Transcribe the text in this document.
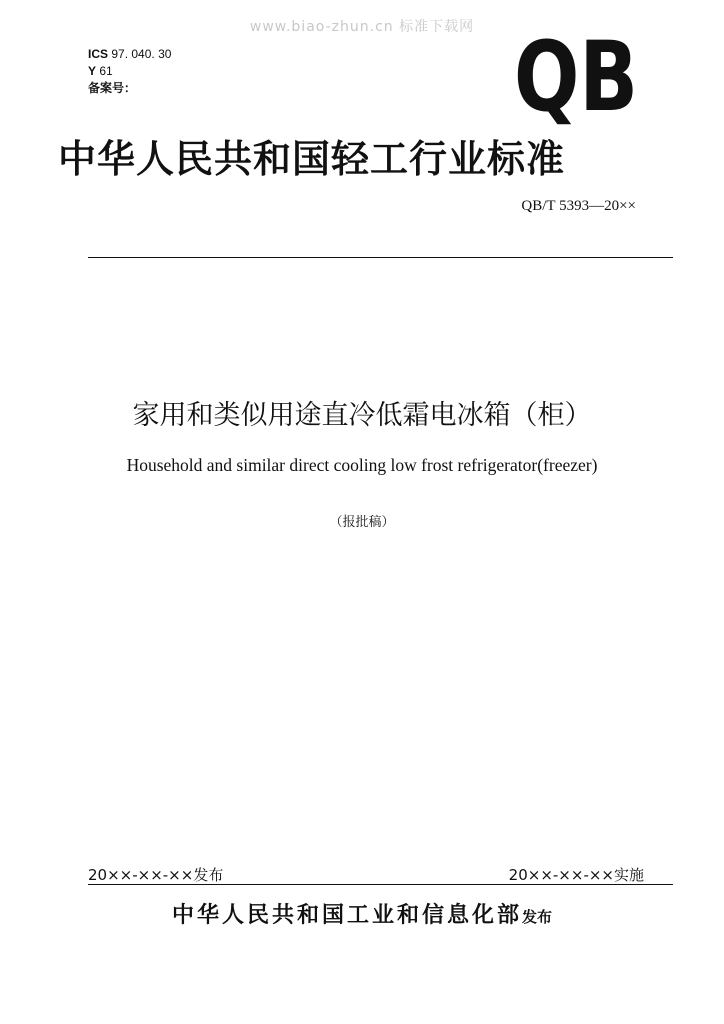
www.biao-zhun.cn 标准下载网
ICS 97. 040. 30
Y 61
备案号：	QB
中华人民共和国轻工行业标准
QB/T 5393—20××
家用和类似用途直冷低霜电冰箱（柜）
Household and similar direct cooling low frost refrigerator(freezer)
（报批稿）
20××-××-××发布	20××-××-××实施
中华人民共和国工业和信息化部发布
